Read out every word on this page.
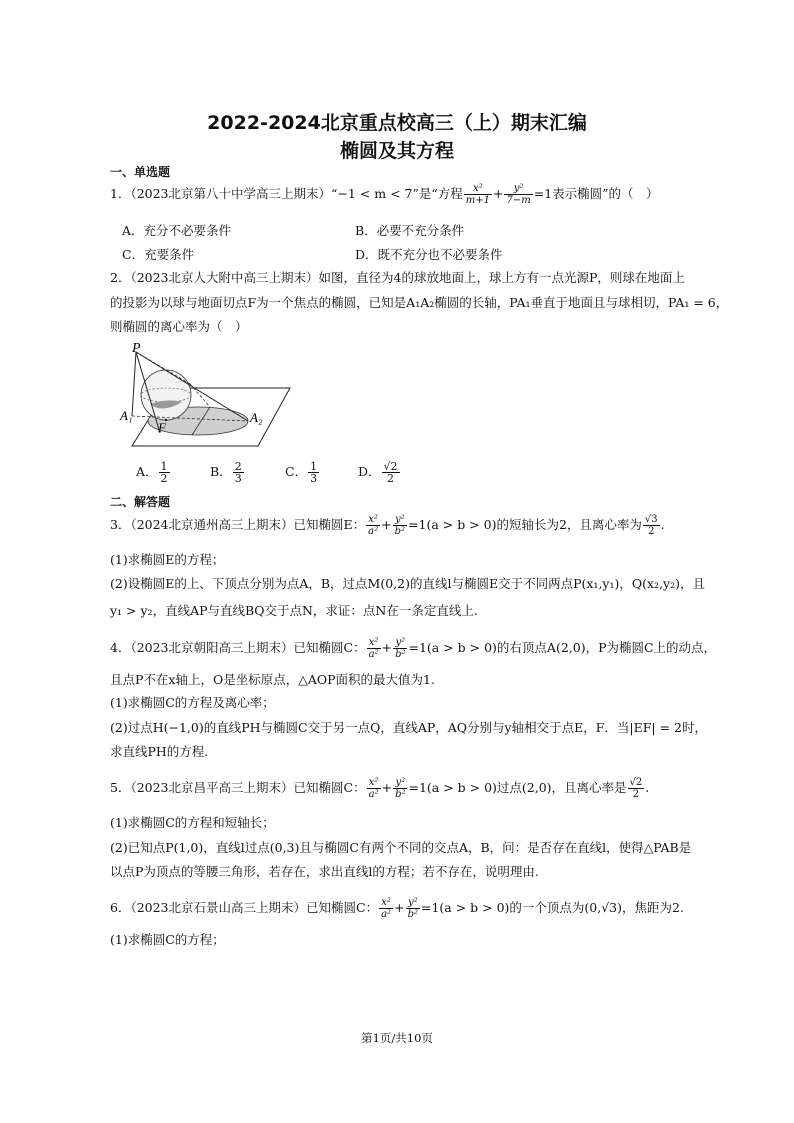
2022-2024北京重点校高三（上）期末汇编
椭圆及其方程
一、单选题
1．（2023北京第八十中学高三上期末）“−1 < m < 7”是“方程 $\frac{\text{x²}}{m+1} + \frac{\text{y²}}{7-m} =1$表示椭圆”的（　）
A．充分不必要条件	B．必要不充分条件
C．充要条件	D．既不充分也不必要条件
2．（2023北京人大附中高三上期末）如图，直径为4的球放地面上，球上方有一点光源P，则球在地面上
的投影为以球与地面切点F为一个焦点的椭圆，已知是A₁A₂椭圆的长轴，PA₁垂直于地面且与球相切，PA₁ = 6，
则椭圆的离心率为（　）
P
A₁
F
A₂
A． $\frac{1}{2}$	B． $\frac{2}{3}$	C． $\frac{1}{3}$	D． $\frac{√2}{2}$
二、解答题
3．（2024北京通州高三上期末）已知椭圆E： $\frac{\text{x²}}{\text{a²}} + \frac{\text{y²}}{\text{b²}} =1(a > b > 0)$的短轴长为2，且离心率为 $\frac{√3}{2}$ .
(1)求椭圆E的方程；
(2)设椭圆E的上、下顶点分别为点A，B，过点M(0,2)的直线l与椭圆E交于不同两点P(x₁,y₁)，Q(x₂,y₂)，且
y₁ > y₂，直线AP与直线BQ交于点N，求证：点N在一条定直线上.
4．（2023北京朝阳高三上期末）已知椭圆C： $\frac{\text{x²}}{\text{a²}} + \frac{\text{y²}}{\text{b²}} =1(a > b > 0)$的右顶点A(2,0)，P为椭圆C上的动点，
且点P不在x轴上，O是坐标原点，△AOP面积的最大值为1.
(1)求椭圆C的方程及离心率；
(2)过点H(−1,0)的直线PH与椭圆C交于另一点Q，直线AP，AQ分别与y轴相交于点E，F．当|EF| = 2时，
求直线PH的方程.
5．（2023北京昌平高三上期末）已知椭圆C： $\frac{\text{x²}}{\text{a²}} + \frac{\text{y²}}{\text{b²}} =1(a > b > 0)$过点(2,0)，且离心率是 $\frac{√2}{2}$ .
(1)求椭圆C的方程和短轴长；
(2)已知点P(1,0)，直线l过点(0,3)且与椭圆C有两个不同的交点A，B，问：是否存在直线l，使得△PAB是
以点P为顶点的等腰三角形，若存在，求出直线l的方程；若不存在，说明理由.
6．（2023北京石景山高三上期末）已知椭圆C： $\frac{\text{x²}}{\text{a²}} + \frac{\text{y²}}{\text{b²}} =1(a > b > 0)$的一个顶点为(0,√3)，焦距为2.
(1)求椭圆C的方程；
第1页/共10页
